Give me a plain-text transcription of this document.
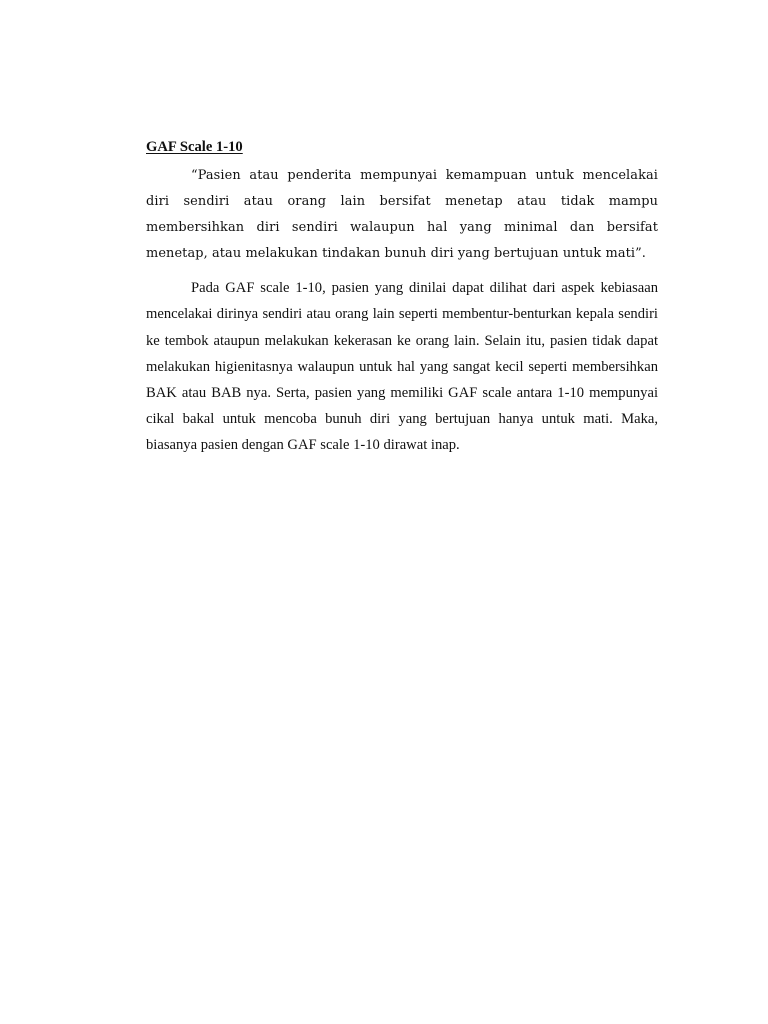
GAF Scale 1-10

“Pasien atau penderita mempunyai kemampuan untuk mencelakai diri sendiri atau orang lain bersifat menetap atau tidak mampu membersihkan diri sendiri walaupun hal yang minimal dan bersifat menetap, atau melakukan tindakan bunuh diri yang bertujuan untuk mati”.

Pada GAF scale 1-10, pasien yang dinilai dapat dilihat dari aspek kebiasaan mencelakai dirinya sendiri atau orang lain seperti membentur-benturkan kepala sendiri ke tembok ataupun melakukan kekerasan ke orang lain. Selain itu, pasien tidak dapat melakukan higienitasnya walaupun untuk hal yang sangat kecil seperti membersihkan BAK atau BAB nya. Serta, pasien yang memiliki GAF scale antara 1-10 mempunyai cikal bakal untuk mencoba bunuh diri yang bertujuan hanya untuk mati. Maka, biasanya pasien dengan GAF scale 1-10 dirawat inap.
